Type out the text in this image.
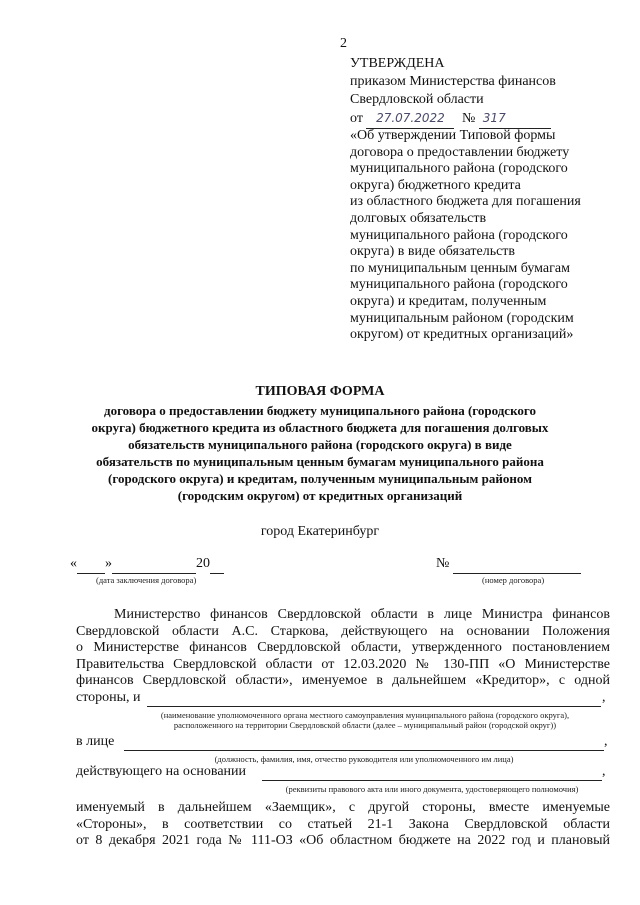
2
УТВЕРЖДЕНА
приказом Министерства финансов
Свердловской области
от 27.07.2022 № 317
«Об утверждении Типовой формы
договора о предоставлении бюджету
муниципального района (городского
округа) бюджетного кредита
из областного бюджета для погашения
долговых обязательств
муниципального района (городского
округа) в виде обязательств
по муниципальным ценным бумагам
муниципального района (городского
округа) и кредитам, полученным
муниципальным районом (городским
округом) от кредитных организаций»
ТИПОВАЯ ФОРМА
договора о предоставлении бюджету муниципального района (городского
округа) бюджетного кредита из областного бюджета для погашения долговых
обязательств муниципального района (городского округа) в виде
обязательств по муниципальным ценным бумагам муниципального района
(городского округа) и кредитам, полученным муниципальным районом
(городским округом) от кредитных организаций
город Екатеринбург
« »	20
(дата заключения договора)
№
(номер договора)
Министерство финансов Свердловской области в лице Министра финансов
Свердловской области А.С. Старкова, действующего на основании Положения
о Министерстве финансов Свердловской области, утвержденного постановлением
Правительства Свердловской области от 12.03.2020 № 130-ПП «О Министерстве
финансов Свердловской области», именуемое в дальнейшем «Кредитор», с одной
стороны, и	,
(наименование уполномоченного органа местного самоуправления муниципального района (городского округа),
расположенного на территории Свердловской области (далее – муниципальный район (городской округ))
в лице	,
(должность, фамилия, имя, отчество руководителя или уполномоченного им лица)
действующего на основании	,
(реквизиты правового акта или иного документа, удостоверяющего полномочия)
именуемый в дальнейшем «Заемщик», с другой стороны, вместе именуемые
«Стороны», в соответствии со статьей 21-1 Закона Свердловской области
от 8 декабря 2021 года № 111-ОЗ «Об областном бюджете на 2022 год и плановый
